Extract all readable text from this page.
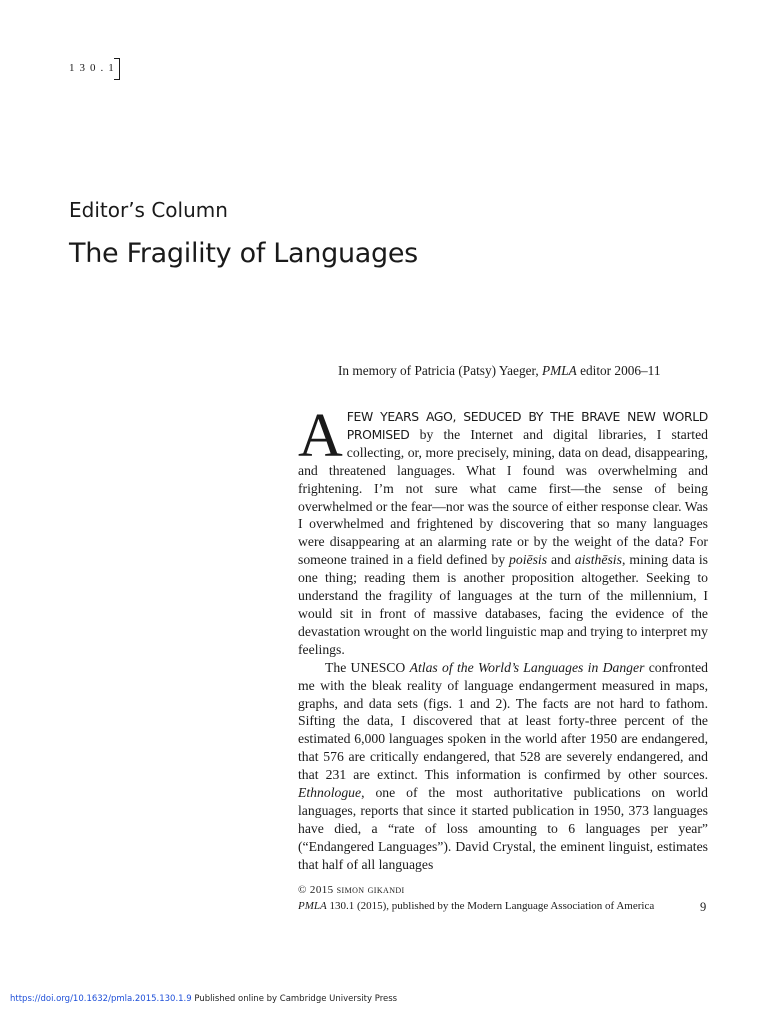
130.1
Editor’s Column
The Fragility of Languages
In memory of Patricia (Patsy) Yaeger, PMLA editor 2006–11

AFEW YEARS AGO, SEDUCED BY THE BRAVE NEW WORLD PROMISED by the Internet and digital libraries, I started collecting, or, more precisely, mining, data on dead, disappearing, and threatened languages. What I found was overwhelming and frightening. I’m not sure what came first—the sense of being overwhelmed or the fear—nor was the source of either response clear. Was I overwhelmed and frightened by discovering that so many languages were disappearing at an alarming rate or by the weight of the data? For someone trained in a field defined by poiēsis and aisthēsis, mining data is one thing; reading them is another proposition altogether. Seeking to understand the fragility of languages at the turn of the millennium, I would sit in front of massive databases, facing the evidence of the devastation wrought on the world linguistic map and trying to interpret my feelings.

The UNESCO Atlas of the World’s Languages in Danger confronted me with the bleak reality of language endangerment measured in maps, graphs, and data sets (figs. 1 and 2). The facts are not hard to fathom. Sifting the data, I discovered that at least forty-three percent of the estimated 6,000 languages spoken in the world after 1950 are endangered, that 576 are critically endangered, that 528 are severely endangered, and that 231 are extinct. This information is confirmed by other sources. Ethnologue, one of the most authoritative publications on world languages, reports that since it started publication in 1950, 373 languages have died, a “rate of loss amounting to 6 languages per year” (“Endangered Languages”). David Crystal, the eminent linguist, estimates that half of all languages

© 2015 simon gikandi
PMLA 130.1 (2015), published by the Modern Language Association of America	9
https://doi.org/10.1632/pmla.2015.130.1.9 Published online by Cambridge University Press
